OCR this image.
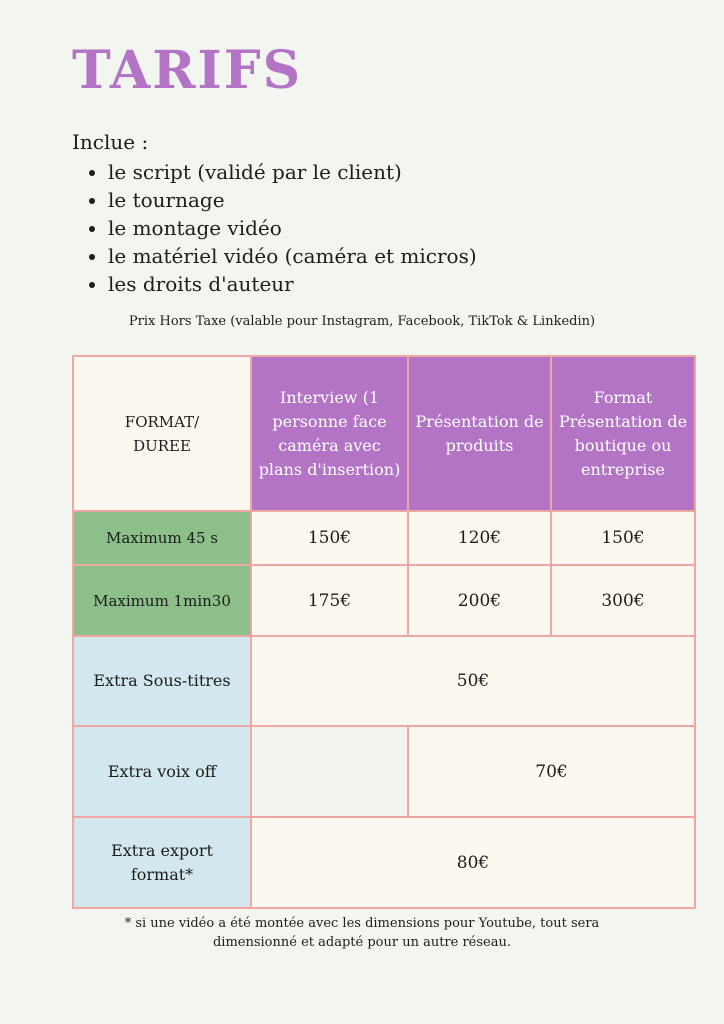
TARIFS
Inclue :
• le script (validé par le client)
• le tournage
• le montage vidéo
• le matériel vidéo (caméra et micros)
• les droits d'auteur
Prix Hors Taxe (valable pour Instagram, Facebook, TikTok & Linkedin)
FORMAT/ DUREE	Interview (1 personne face caméra avec plans d'insertion)	Présentation de produits	Format Présentation de boutique ou entreprise
Maximum 45 s	150€	120€	150€
Maximum 1min30	175€	200€	300€
Extra Sous-titres	50€		
Extra voix off		70€	
Extra export format*	80€		
* si une vidéo a été montée avec les dimensions pour Youtube, tout sera dimensionné et adapté pour un autre réseau.
